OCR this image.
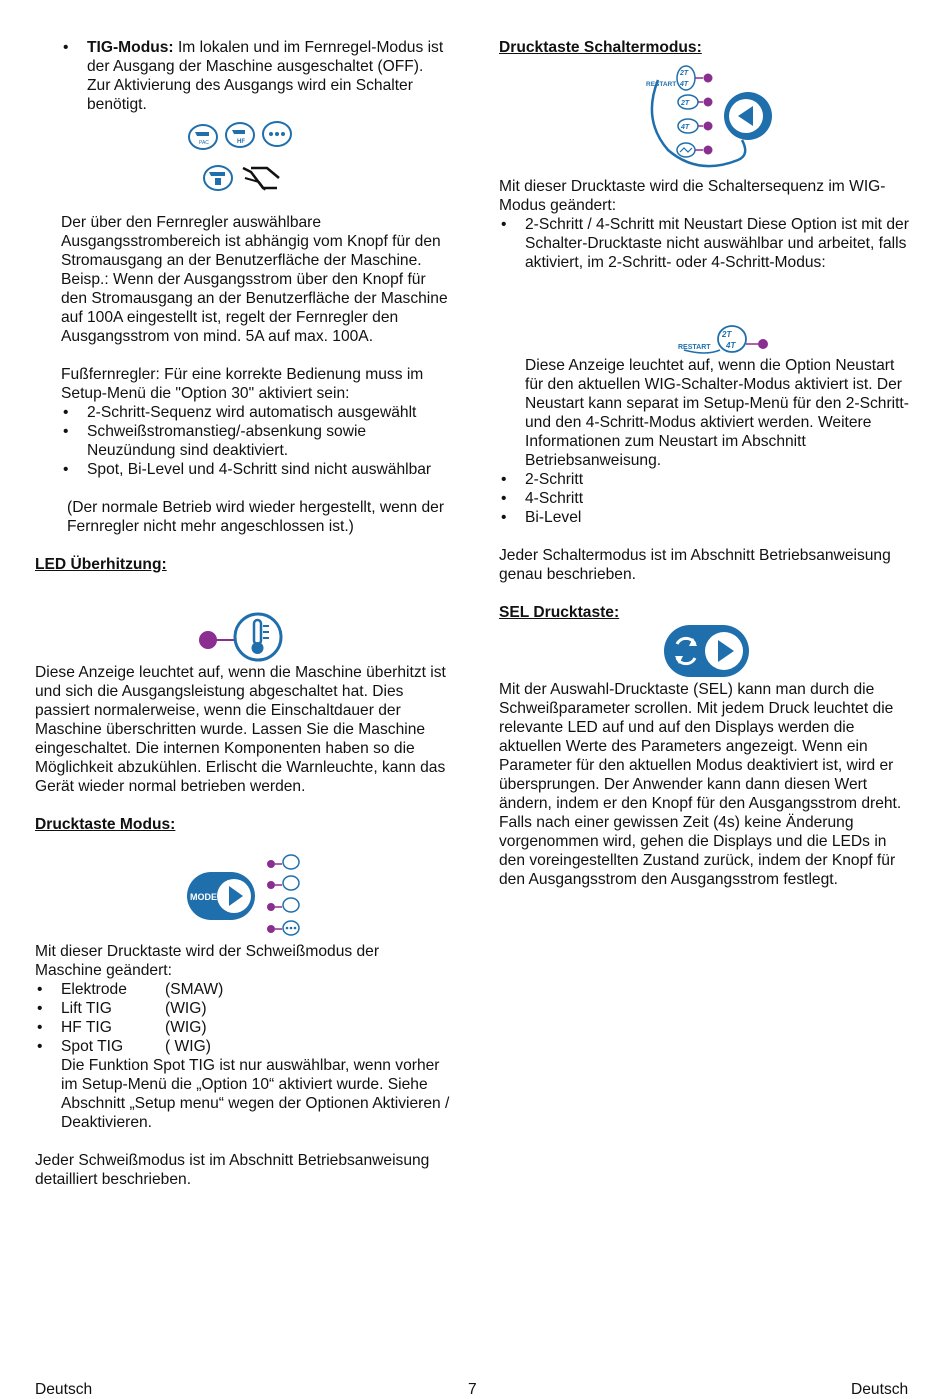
• TIG-Modus: Im lokalen und im Fernregel-Modus ist der Ausgang der Maschine ausgeschaltet (OFF). Zur Aktivierung des Ausgangs wird ein Schalter benötigt.
PAC	HF

Der über den Fernregler auswählbare Ausgangsstrombereich ist abhängig vom Knopf für den Stromausgang an der Benutzerfläche der Maschine. Beisp.: Wenn der Ausgangsstrom über den Knopf für den Stromausgang an der Benutzerfläche der Maschine auf 100A eingestellt ist, regelt der Fernregler den Ausgangsstrom von mind. 5A auf max. 100A.

Fußfernregler: Für eine korrekte Bedienung muss im Setup-Menü die "Option 30" aktiviert sein:

• 2-Schritt-Sequenz wird automatisch ausgewählt
• Schweißstromanstieg/-absenkung sowie Neuzündung sind deaktiviert.
• Spot, Bi-Level und 4-Schritt sind nicht auswählbar

(Der normale Betrieb wird wieder hergestellt, wenn der Fernregler nicht mehr angeschlossen ist.)

LED Überhitzung:

Diese Anzeige leuchtet auf, wenn die Maschine überhitzt ist und sich die Ausgangsleistung abgeschaltet hat. Dies passiert normalerweise, wenn die Einschaltdauer der Maschine überschritten wurde. Lassen Sie die Maschine eingeschaltet. Die internen Komponenten haben so die Möglichkeit abzukühlen. Erlischt die Warnleuchte, kann das Gerät wieder normal betrieben werden.

Drucktaste Modus:

MODE

Mit dieser Drucktaste wird der Schweißmodus der Maschine geändert:

• Elektrode (SMAW)
• Lift TIG	(WIG)
• HF TIG	(WIG)
• Spot TIG	( WIG)

Die Funktion Spot TIG ist nur auswählbar, wenn vorher im Setup-Menü die „Option 10“ aktiviert wurde. Siehe Abschnitt „Setup menu“ wegen der Optionen Aktivieren / Deaktivieren.

Jeder Schweißmodus ist im Abschnitt Betriebsanweisung detailliert beschrieben.

Drucktaste Schaltermodus:

RESTART
2T
4T
2T
4T

Mit dieser Drucktaste wird die Schaltersequenz im WIG-Modus geändert:

• 2-Schritt / 4-Schritt mit Neustart Diese Option ist mit der Schalter-Drucktaste nicht auswählbar und arbeitet, falls aktiviert, im 2-Schritt- oder 4-Schritt-Modus:
RESTART
2T
4T

Diese Anzeige leuchtet auf, wenn die Option Neustart für den aktuellen WIG-Schalter-Modus aktiviert ist. Der Neustart kann separat im Setup-Menü für den 2-Schritt- und den 4-Schritt-Modus aktiviert werden. Weitere Informationen zum Neustart im Abschnitt Betriebsanweisung.

• 2-Schritt
• 4-Schritt
• Bi-Level

Jeder Schaltermodus ist im Abschnitt Betriebsanweisung genau beschrieben.

SEL Drucktaste:

Mit der Auswahl-Drucktaste (SEL) kann man durch die Schweißparameter scrollen. Mit jedem Druck leuchtet die relevante LED auf und auf den Displays werden die aktuellen Werte des Parameters angezeigt. Wenn ein Parameter für den aktuellen Modus deaktiviert ist, wird er übersprungen. Der Anwender kann dann diesen Wert ändern, indem er den Knopf für den Ausgangsstrom dreht. Falls nach einer gewissen Zeit (4s) keine Änderung vorgenommen wird, gehen die Displays und die LEDs in den voreingestellten Zustand zurück, indem der Knopf für den Ausgangsstrom den Ausgangsstrom festlegt.

Deutsch	7	Deutsch
